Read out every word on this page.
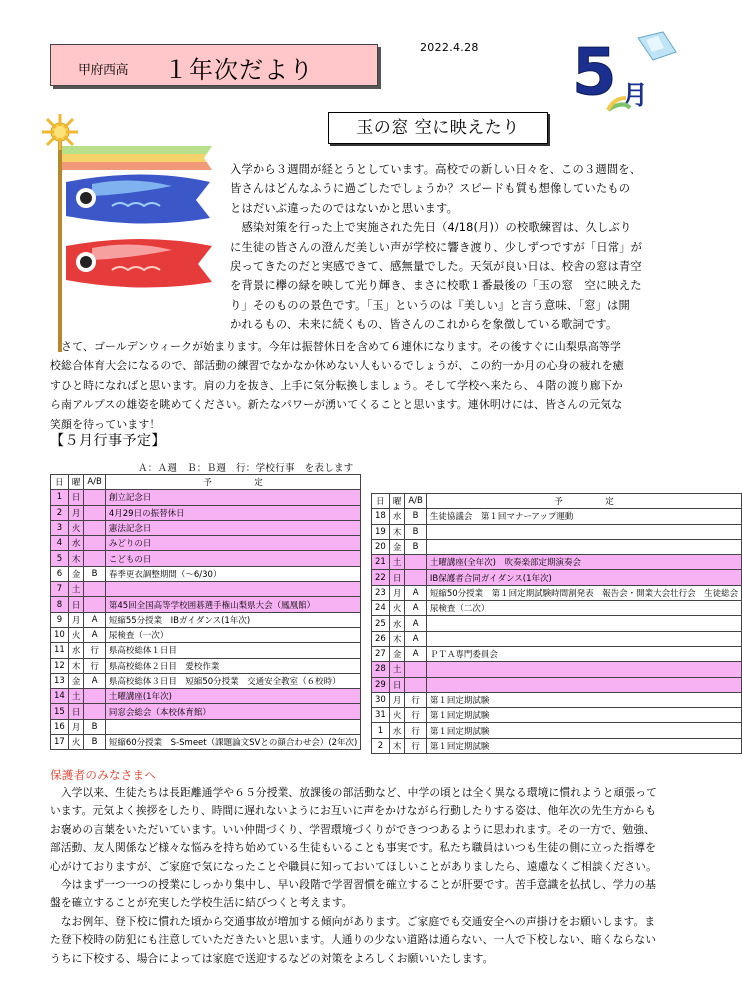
甲府西高 １年次だより
2022.4.28 5 月
玉の窓 空に映えたり
入学から３週間が経とうとしています。高校での新しい日々を、この３週間を、
皆さんはどんなふうに過ごしたでしょうか？スピードも質も想像していたもの
とはだいぶ違ったのではないかと思います。
　感染対策を行った上で実施された先日（4/18(月)）の校歌練習は、久しぶり
に生徒の皆さんの澄んだ美しい声が学校に響き渡り、少しずつですが「日常」が
戻ってきたのだと実感できて、感無量でした。天気が良い日は、校舎の窓は青空
を背景に欅の緑を映して光り輝き、まさに校歌１番最後の「玉の窓　空に映えた
り」そのものの景色です。「玉」というのは『美しい』と言う意味、「窓」は開
かれるもの、未来に続くもの、皆さんのこれからを象徴している歌詞です。
　さて、ゴールデンウィークが始まります。今年は振替休日を含めて６連休になります。その後すぐに山梨県高等学
校総合体育大会になるので、部活動の練習でなかなか休めない人もいるでしょうが、この約一か月の心身の疲れを癒
すひと時になればと思います。肩の力を抜き、上手に気分転換しましょう。そして学校へ来たら、４階の渡り廊下か
ら南アルプスの雄姿を眺めてください。新たなパワーが湧いてくることと思います。連休明けには、皆さんの元気な
笑顔を待っています！
【５月行事予定】
Ａ：Ａ週　Ｂ：Ｂ週　行：学校行事　を表します
日	曜	A/B	予　　　　　定
1	日		創立記念日
2	月		4月29日の振替休日
3	火		憲法記念日
4	水		みどりの日
5	木		こどもの日
6	金	B	春季更衣調整期間（～6/30）
7	土		
8	日		第45回全国高等学校囲碁選手権山梨県大会（鳳凰館）
9	月	A	短縮55分授業　IBガイダンス(1年次)
10	火	A	尿検査（一次）
11	水	行	県高校総体１日目
12	木	行	県高校総体２日目　愛校作業
13	金	A	県高校総体３日目　短縮50分授業　交通安全教室（６校時）
14	土		土曜講座(1年次)
15	日		同窓会総会（本校体育館）
16	月	B	
17	火	B	短縮60分授業　S-Smeet（課題論文SVとの顔合わせ会）(2年次)
日	曜	A/B	予　　　　　定
18	水	B	生徒協議会　第１回マナーアップ運動
19	木	B	
20	金	B	
21	土		土曜講座(全年次)　吹奏楽部定期演奏会
22	日		IB保護者合同ガイダンス(1年次)
23	月	A	短縮50分授業　第１回定期試験時間割発表　報告会・開業大会壮行会　生徒総会
24	火	A	尿検査（二次）
25	水	A	
26	木	A	
27	金	A	ＰＴＡ専門委員会
28	土		
29	日		
30	月	行	第１回定期試験
31	火	行	第１回定期試験
1	水	行	第１回定期試験
2	木	行	第１回定期試験
保護者のみなさまへ
　入学以来、生徒たちは長距離通学や６５分授業、放課後の部活動など、中学の頃とは全く異なる環境に慣れようと頑張って
います。元気よく挨拶をしたり、時間に遅れないようにお互いに声をかけながら行動したりする姿は、他年次の先生方からも
お褒めの言葉をいただいています。いい仲間づくり、学習環境づくりができつつあるように思われます。その一方で、勉強、
部活動、友人関係など様々な悩みを持ち始めている生徒もいることも事実です。私たち職員はいつも生徒の側に立った指導を
心がけておりますが、ご家庭で気になったことや職員に知っておいてほしいことがありましたら、遠慮なくご相談ください。
　今はまず一つ一つの授業にしっかり集中し、早い段階で学習習慣を確立することが肝要です。苦手意識を払拭し、学力の基
盤を確立することが充実した学校生活に結びつくと考えます。
　なお例年、登下校に慣れた頃から交通事故が増加する傾向があります。ご家庭でも交通安全への声掛けをお願いします。ま
た登下校時の防犯にも注意していただきたいと思います。人通りの少ない道路は通らない、一人で下校しない、暗くならない
うちに下校する、場合によっては家庭で送迎するなどの対策をよろしくお願いいたします。
